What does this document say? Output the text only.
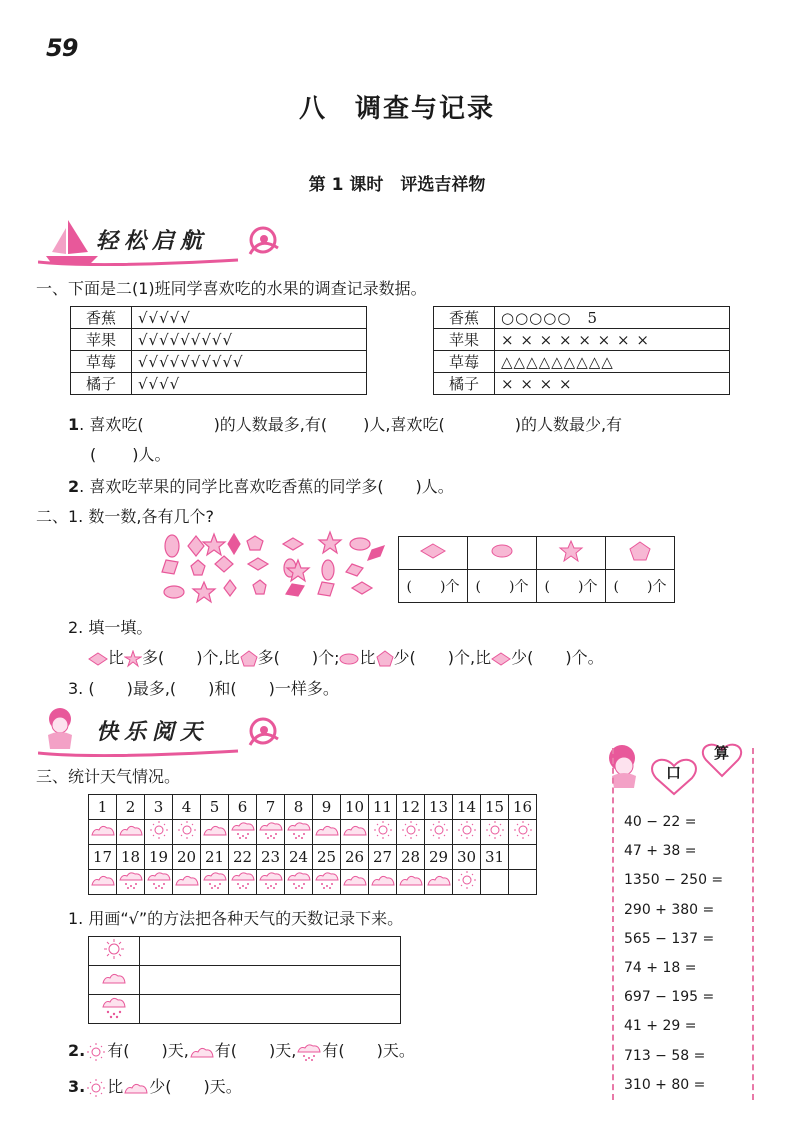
59
八　调查与记录
第 1 课时　评选吉祥物
轻松启航
一、下面是二(1)班同学喜欢吃的水果的调查记录数据。
香蕉	√√√√√
苹果	√√√√√√√√√
草莓	√√√√√√√√√√
橘子	√√√√
香蕉	○○○○○　5
苹果	× × × × × × × ×
草莓	△△△△△△△△△
橘子	× × × ×
1. 喜欢吃(	)的人数最多,有( )人,喜欢吃(	)的人数最少,有
( )人。
2. 喜欢吃苹果的同学比喜欢吃香蕉的同学多(　　)人。
二、1. 数一数,各有几个?

(　　)个	(　　)个	(　　)个	(　　)个
2. 填一填。
比 多(　　)个,比 多(　　)个; 比 少(　　)个,比 少(　　)个。
3. (　　)最多,(　　)和(　　)一样多。
快乐阅天
三、统计天气情况。
1	2	3	4	5	6	7	8	9	10	11	12	13	14	15	16

17	18	19	20	21	22	23	24	25	26	27	28	29	30	31	

1. 用画“√”的方法把各种天气的天数记录下来。

2. 有(　　)天, 有(　　)天, 有(　　)天。
3. 比 少(　　)天。
口
算
40 − 22 =
47 + 38 =
1350 − 250 =
290 + 380 =
565 − 137 =
74 + 18 =
697 − 195 =
41 + 29 =
713 − 58 =
310 + 80 =
